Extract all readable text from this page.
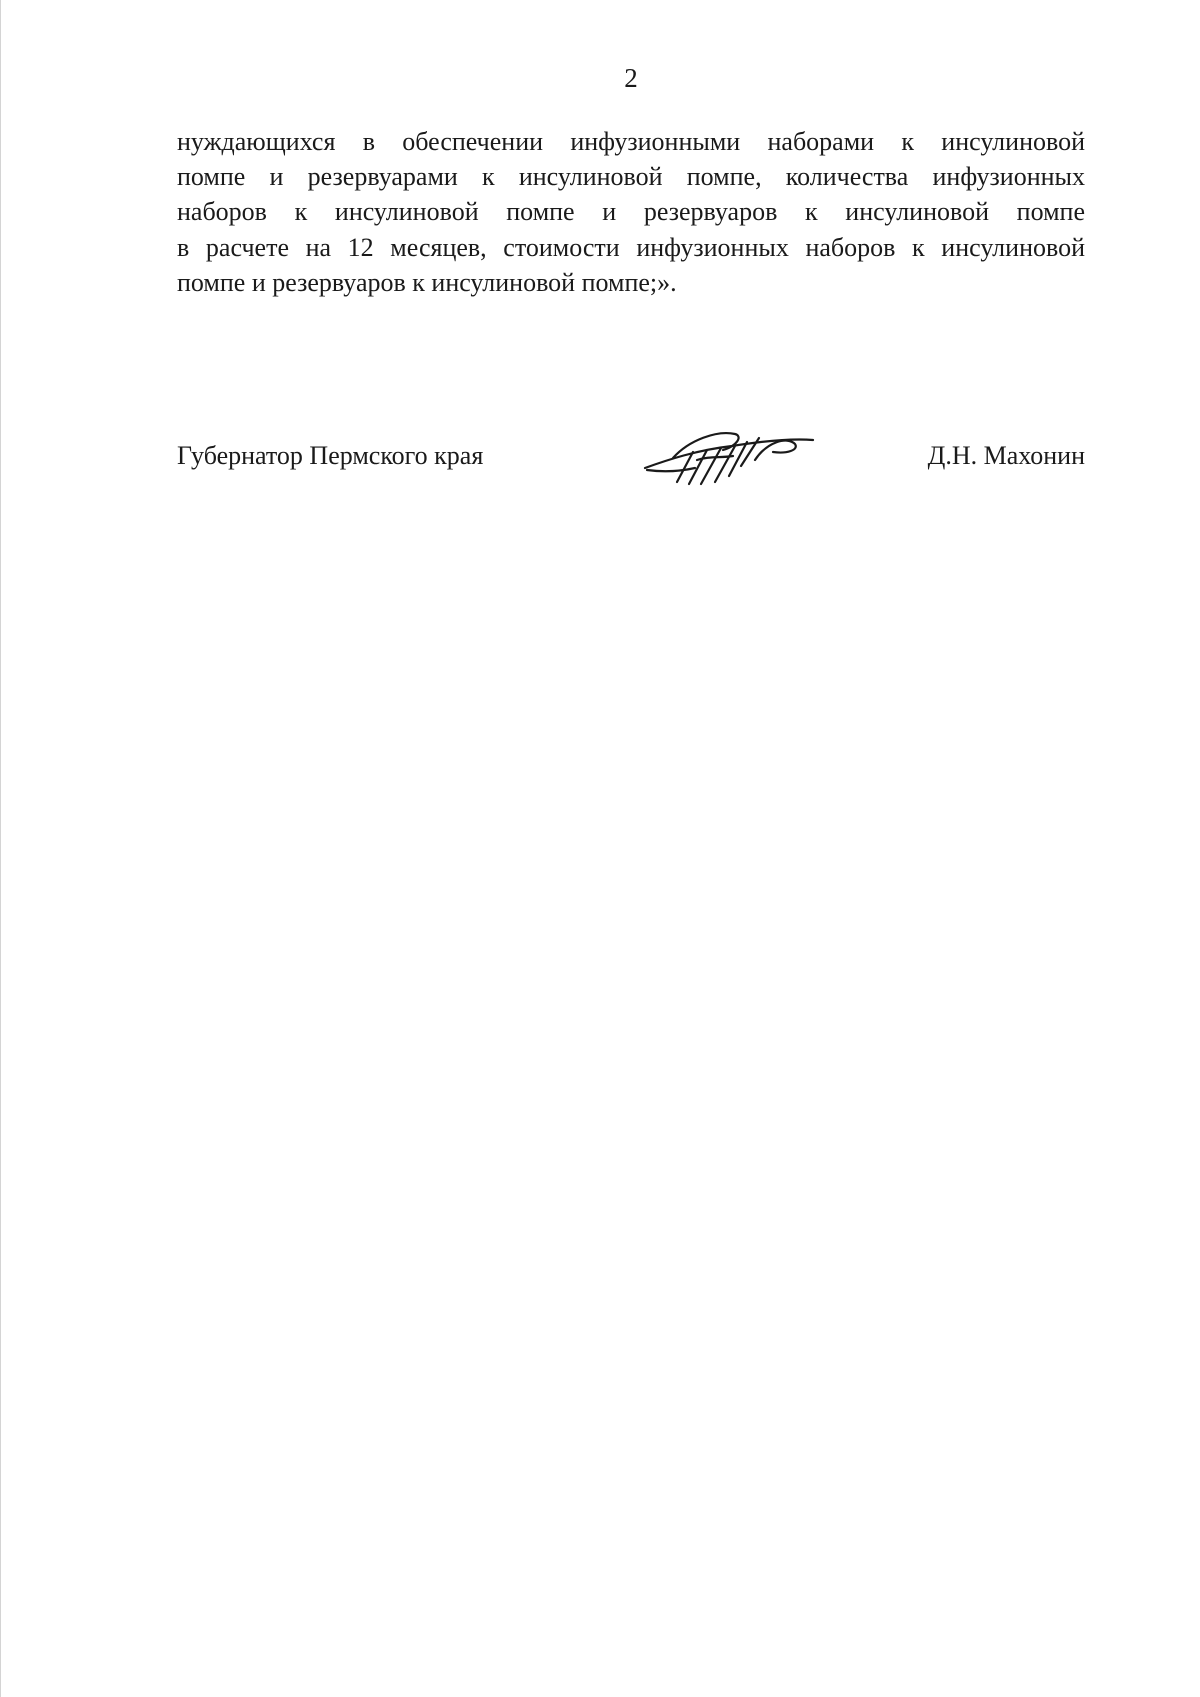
2
нуждающихся в обеспечении инфузионными наборами к инсулиновой
помпе и резервуарами к инсулиновой помпе, количества инфузионных
наборов к инсулиновой помпе и резервуаров к инсулиновой помпе
в расчете на 12 месяцев, стоимости инфузионных наборов к инсулиновой
помпе и резервуаров к инсулиновой помпе;».
Губернатор Пермского края	Д.Н. Махонин
